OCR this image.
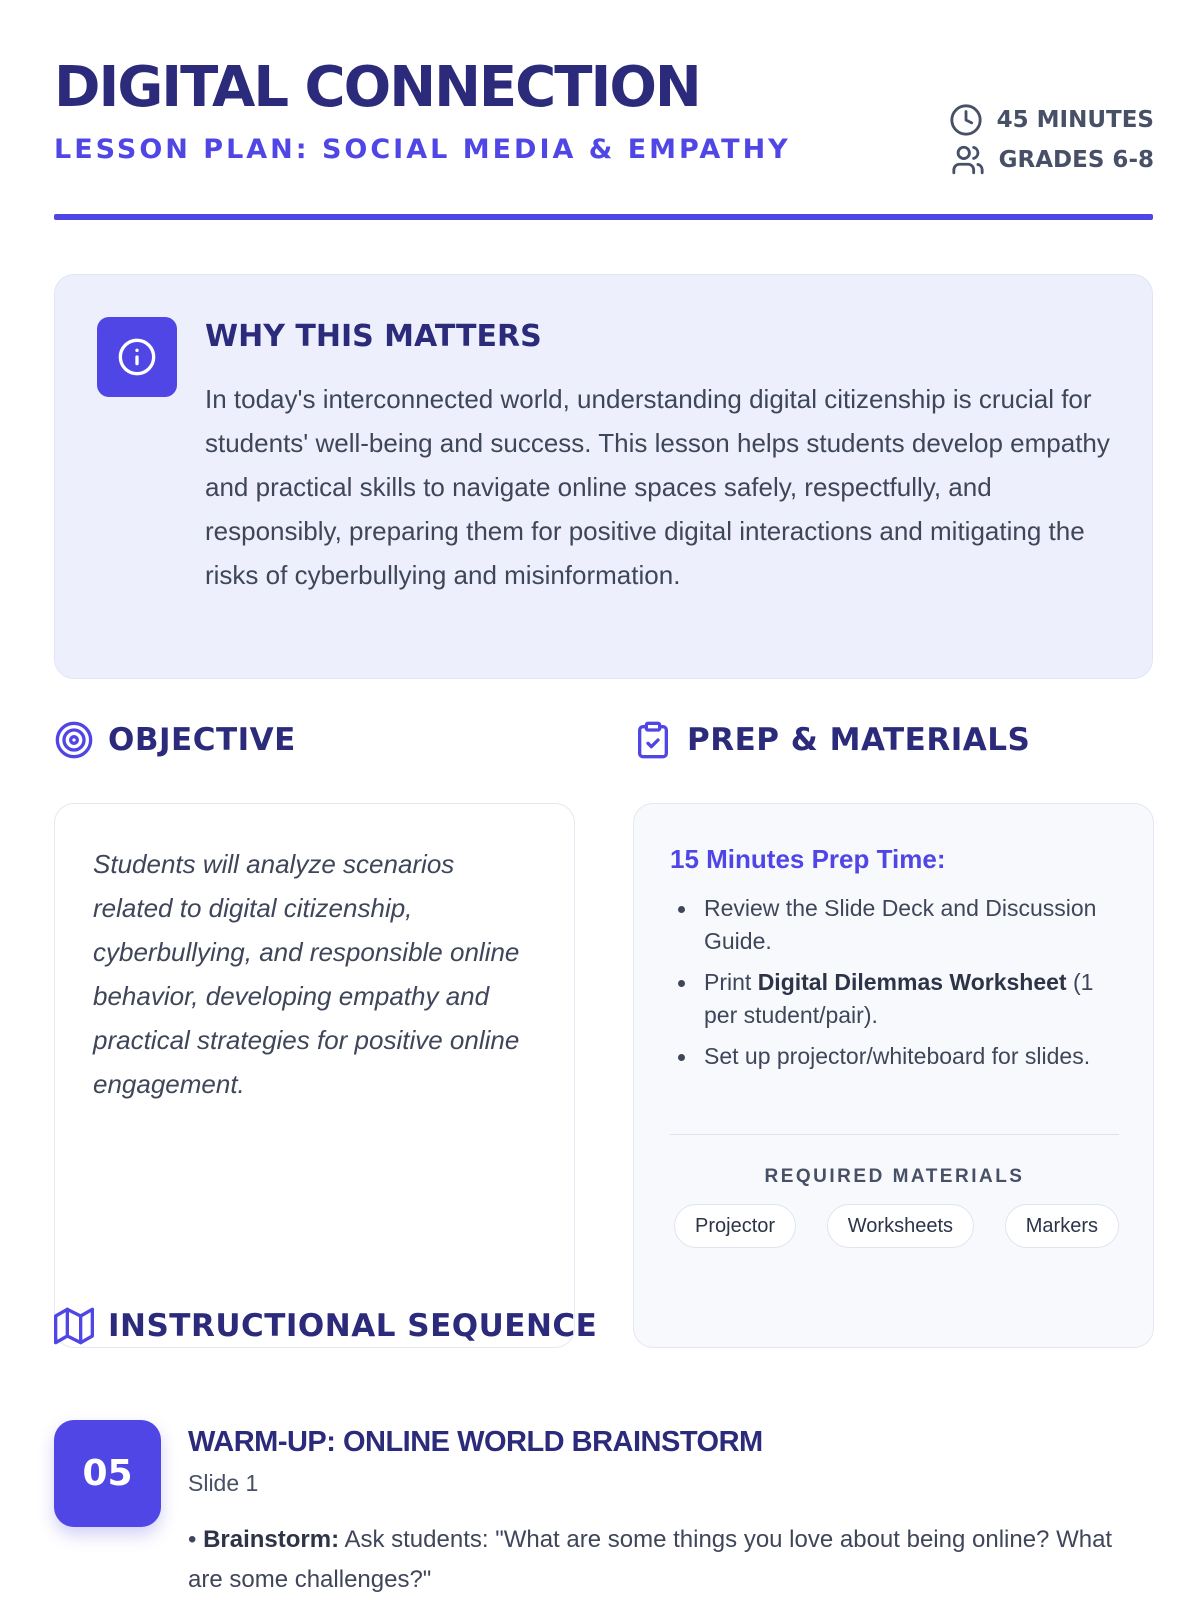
DIGITAL CONNECTION
LESSON PLAN: SOCIAL MEDIA & EMPATHY
45 MINUTES
GRADES 6-8
WHY THIS MATTERS

In today's interconnected world, understanding digital citizenship is crucial for students' well-being and success. This lesson helps students develop empathy and practical skills to navigate online spaces safely, respectfully, and responsibly, preparing them for positive digital interactions and mitigating the risks of cyberbullying and misinformation.

OBJECTIVE

Students will analyze scenarios related to digital citizenship, cyberbullying, and responsible online behavior, developing empathy and practical strategies for positive online engagement.

PREP & MATERIALS
15 Minutes Prep Time:
Review the Slide Deck and Discussion Guide.
Print Digital Dilemmas Worksheet (1 per student/pair).
Set up projector/whiteboard for slides.
REQUIRED MATERIALS
Projector	Worksheets	Markers
INSTRUCTIONAL SEQUENCE
05
WARM-UP: ONLINE WORLD BRAINSTORM
Slide 1

• Brainstorm: Ask students: "What are some things you love about being online? What are some challenges?"
